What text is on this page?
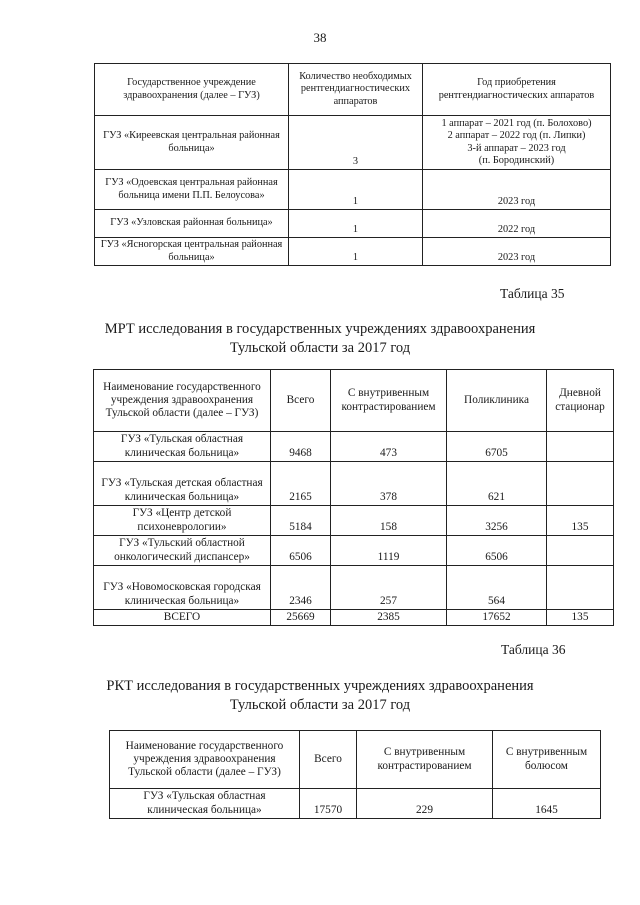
38
Государственное учреждение здравоохранения (далее – ГУЗ)	Количество необходимых рентгендиагностических аппаратов	Год приобретения рентгендиагностических аппаратов
ГУЗ «Киреевская центральная районная больница»	3	1 аппарат – 2021 год (п. Болохово)
2 аппарат – 2022 год (п. Липки)
3-й аппарат – 2023 год
(п. Бородинский)

ГУЗ «Одоевская центральная районная больница имени П.П. Белоусова»	1	2023 год
ГУЗ «Узловская районная больница»	1	2022 год
ГУЗ «Ясногорская центральная районная больница»	1	2023 год
Таблица 35
МРТ исследования в государственных учреждениях здравоохранения
Тульской области за 2017 год
Наименование государственного учреждения здравоохранения Тульской области (далее – ГУЗ)	Всего	С внутривенным контрастированием	Поликлиника	Дневной стационар
ГУЗ «Тульская областная клиническая больница»	9468	473	6705	
ГУЗ «Тульская детская областная клиническая больница»	2165	378	621	
ГУЗ «Центр детской психоневрологии»	5184	158	3256	135
ГУЗ «Тульский областной онкологический диспансер»	6506	1119	6506	
ГУЗ «Новомосковская городская клиническая больница»	2346	257	564	
ВСЕГО	25669	2385	17652	135
Таблица 36
РКТ исследования в государственных учреждениях здравоохранения
Тульской области за 2017 год
Наименование государственного учреждения здравоохранения Тульской области (далее – ГУЗ)	Всего	С внутривенным контрастированием	С внутривенным болюсом
ГУЗ «Тульская областная клиническая больница»	17570	229	1645
